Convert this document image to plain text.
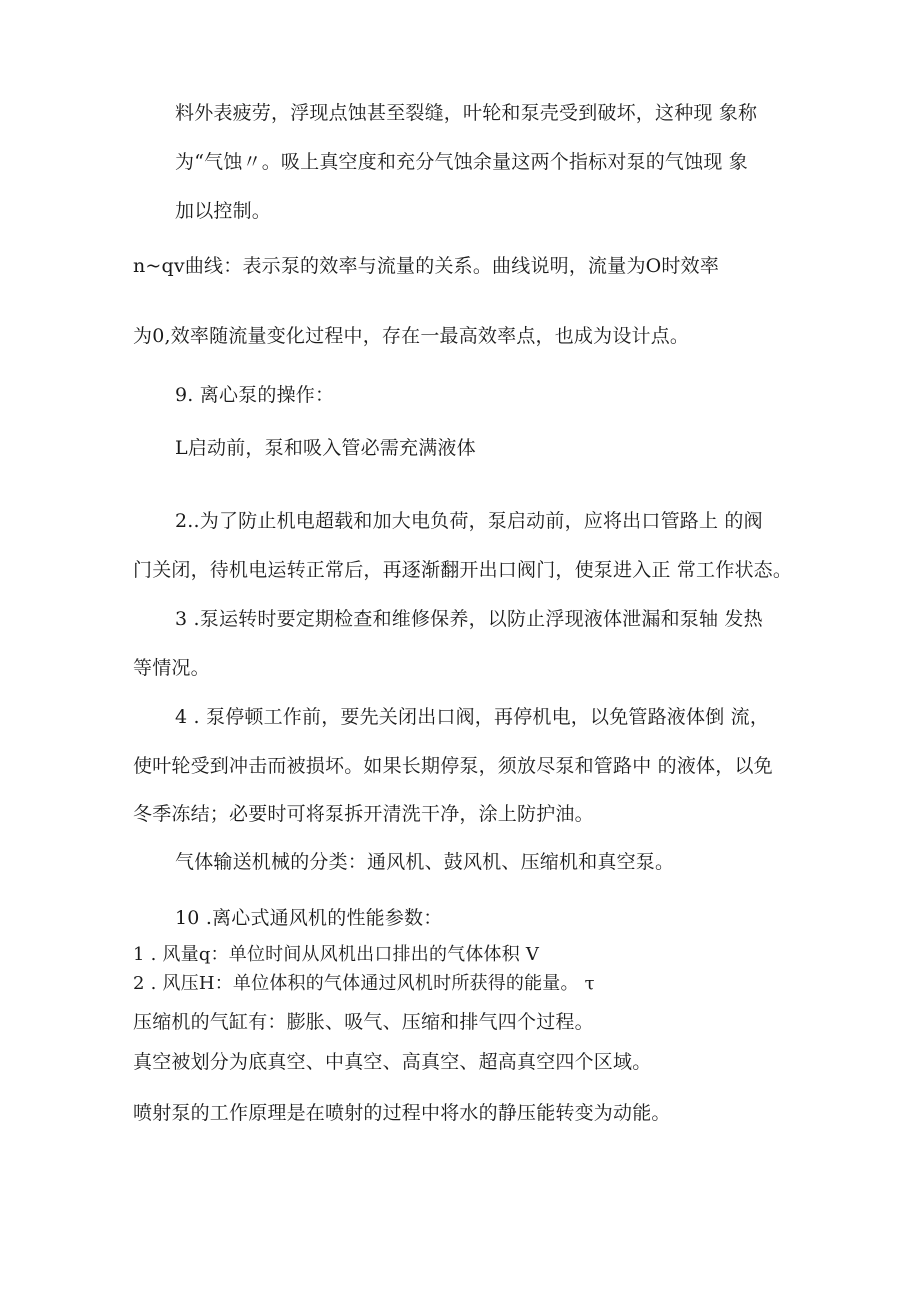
料外表疲劳，浮现点蚀甚至裂缝，叶轮和泵壳受到破坏，这种现 象称
为“气蚀〃。吸上真空度和充分气蚀余量这两个指标对泵的气蚀现 象
加以控制。
n~qv曲线：表示泵的效率与流量的关系。曲线说明，流量为O时效率
为0,效率随流量变化过程中，存在一最高效率点，也成为设计点。
9. 离心泵的操作：
L启动前，泵和吸入管必需充满液体
2..为了防止机电超载和加大电负荷，泵启动前，应将出口管路上 的阀
门关闭，待机电运转正常后，再逐渐翻开出口阀门，使泵进入正 常工作状态。
3 .泵运转时要定期检查和维修保养，以防止浮现液体泄漏和泵轴 发热
等情况。
4 . 泵停顿工作前，要先关闭出口阀，再停机电，以免管路液体倒 流，
使叶轮受到冲击而被损坏。如果长期停泵，须放尽泵和管路中 的液体，以免
冬季冻结；必要时可将泵拆开清洗干净，涂上防护油。
气体输送机械的分类：通风机、鼓风机、压缩机和真空泵。
10 .离心式通风机的性能参数：
1 . 风量q：单位时间从风机出口排出的气体体积 V
2 . 风压H：单位体积的气体通过风机时所获得的能量。 τ
压缩机的气缸有：膨胀、吸气、压缩和排气四个过程。
真空被划分为底真空、中真空、高真空、超高真空四个区域。
喷射泵的工作原理是在喷射的过程中将水的静压能转变为动能。
